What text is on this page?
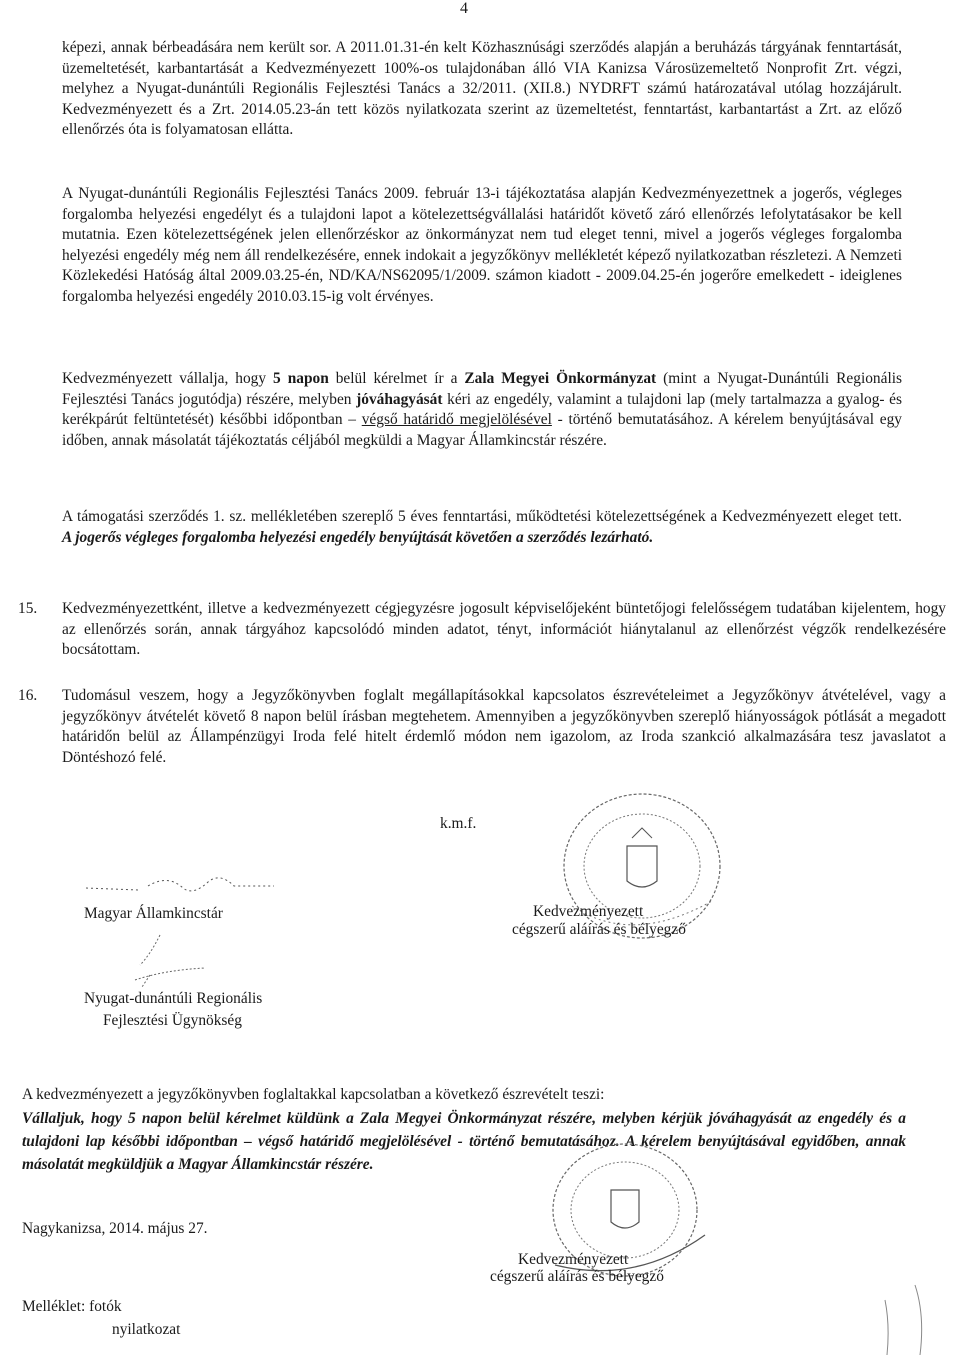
4

képezi, annak bérbeadására nem került sor. A 2011.01.31-én kelt Közhasznúsági szerződés alapján a beruházás tárgyának fenntartását, üzemeltetését, karbantartását a Kedvezményezett 100%-os tulajdonában álló VIA Kanizsa Városüzemeltető Nonprofit Zrt. végzi, melyhez a Nyugat-dunántúli Regionális Fejlesztési Tanács a 32/2011. (XII.8.) NYDRFT számú határozatával utólag hozzájárult. Kedvezményezett és a Zrt. 2014.05.23-án tett közös nyilatkozata szerint az üzemeltetést, fenntartást, karbantartást a Zrt. az előző ellenőrzés óta is folyamatosan ellátta.

A Nyugat-dunántúli Regionális Fejlesztési Tanács 2009. február 13-i tájékoztatása alapján Kedvezményezettnek a jogerős, végleges forgalomba helyezési engedélyt és a tulajdoni lapot a kötelezettségvállalási határidőt követő záró ellenőrzés lefolytatásakor be kell mutatnia. Ezen kötelezettségének jelen ellenőrzéskor az önkormányzat nem tud eleget tenni, mivel a jogerős végleges forgalomba helyezési engedély még nem áll rendelkezésére, ennek indokait a jegyzőkönyv mellékletét képező nyilatkozatban részletezi. A Nemzeti Közlekedési Hatóság által 2009.03.25-én, ND/KA/NS62095/1/2009. számon kiadott - 2009.04.25-én jogerőre emelkedett - ideiglenes forgalomba helyezési engedély 2010.03.15-ig volt érvényes.

Kedvezményezett vállalja, hogy 5 napon belül kérelmet ír a Zala Megyei Önkormányzat (mint a Nyugat-Dunántúli Regionális Fejlesztési Tanács jogutódja) részére, melyben jóváhagyását kéri az engedély, valamint a tulajdoni lap (mely tartalmazza a gyalog- és kerékpárút feltüntetését) későbbi időpontban – végső határidő megjelölésével - történő bemutatásához. A kérelem benyújtásával egy időben, annak másolatát tájékoztatás céljából megküldi a Magyar Államkincstár részére.

A támogatási szerződés 1. sz. mellékletében szereplő 5 éves fenntartási, működtetési kötelezettségének a Kedvezményezett eleget tett. A jogerős végleges forgalomba helyezési engedély benyújtását követően a szerződés lezárható.

15. Kedvezményezettként, illetve a kedvezményezett cégjegyzésre jogosult képviselőjeként büntetőjogi felelősségem tudatában kijelentem, hogy az ellenőrzés során, annak tárgyához kapcsolódó minden adatot, tényt, információt hiánytalanul az ellenőrzést végzők rendelkezésére bocsátottam.

16. Tudomásul veszem, hogy a Jegyzőkönyvben foglalt megállapításokkal kapcsolatos észrevételeimet a Jegyzőkönyv átvételével, vagy a jegyzőkönyv átvételét követő 8 napon belül írásban megtehetem. Amennyiben a jegyzőkönyvben szereplő hiányosságok pótlását a megadott határidőn belül az Állampénzügyi Iroda felé hitelt érdemlő módon nem igazolom, az Iroda szankció alkalmazására tesz javaslatot a Döntéshozó felé.

k.m.f.
Magyar Államkincstár
Nyugat-dunántúli Regionális
Fejlesztési Ügynökség
Kedvezményezett
cégszerű aláírás és bélyegző
A kedvezményezett a jegyzőkönyvben foglaltakkal kapcsolatban a következő észrevételt teszi:

Vállaljuk, hogy 5 napon belül kérelmet küldünk a Zala Megyei Önkormányzat részére, melyben kérjük jóváhagyását az engedély és a tulajdoni lap későbbi időpontban – végső határidő megjelölésével - történő bemutatásához. A kérelem benyújtásával egyidőben, annak másolatát megküldjük a Magyar Államkincstár részére.

Nagykanizsa, 2014. május 27.
Kedvezményezett
cégszerű aláírás és bélyegző
Melléklet: fotók
nyilatkozat
